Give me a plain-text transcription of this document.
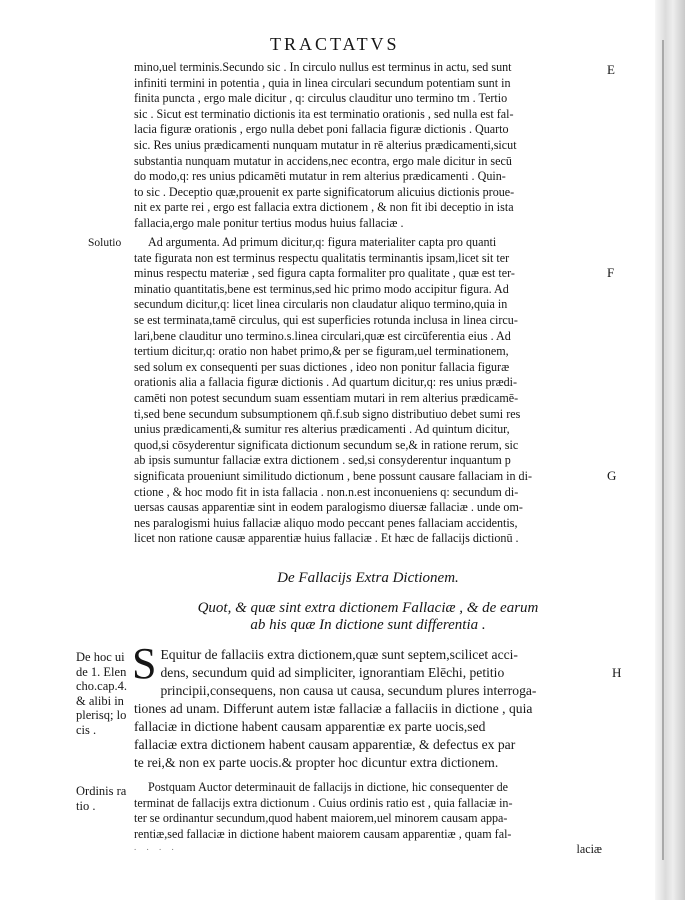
TRACTATVS
mino,uel terminis.Secundo sic . In circulo nullus est terminus in actu, sed sunt
infiniti termini in potentia , quia in linea circulari secundum potentiam sunt in
finita puncta , ergo male dicitur , q: circulus clauditur uno termino tm . Tertio
sic . Sicut est terminatio dictionis ita est terminatio orationis , sed nulla est fal-
lacia figuræ orationis , ergo nulla debet poni fallacia figuræ dictionis . Quarto
sic. Res unius prædicamenti nunquam mutatur in rē alterius prædicamenti,sicut
substantia nunquam mutatur in accidens,nec econtra, ergo male dicitur in secū
do modo,q: res unius pdicamēti mutatur in rem alterius prædicamenti . Quin-
to sic . Deceptio quæ,prouenit ex parte significatorum alicuius dictionis proue-
nit ex parte rei , ergo est fallacia extra dictionem , & non fit ibi deceptio in ista
fallacia,ergo male ponitur tertius modus huius fallaciæ .
Ad argumenta. Ad primum dicitur,q: figura materialiter capta pro quanti
tate figurata non est terminus respectu qualitatis terminantis ipsam,licet sit ter
minus respectu materiæ , sed figura capta formaliter pro qualitate , quæ est ter-
minatio quantitatis,bene est terminus,sed hic primo modo accipitur figura. Ad
secundum dicitur,q: licet linea circularis non claudatur aliquo termino,quia in
se est terminata,tamē circulus, qui est superficies rotunda inclusa in linea circu-
lari,bene clauditur uno termino.s.linea circulari,quæ est circūferentia eius . Ad
tertium dicitur,q: oratio non habet primo,& per se figuram,uel terminationem,
sed solum ex consequenti per suas dictiones , ideo non ponitur fallacia figuræ
orationis alia a fallacia figuræ dictionis . Ad quartum dicitur,q: res unius prædi-
camēti non potest secundum suam essentiam mutari in rem alterius prædicamē-
ti,sed bene secundum subsumptionem qñ.f.sub signo distributiuo debet sumi res
unius prædicamenti,& sumitur res alterius prædicamenti . Ad quintum dicitur,
quod,si cōsyderentur significata dictionum secundum se,& in ratione rerum, sic
ab ipsis sumuntur fallaciæ extra dictionem . sed,si consyderentur inquantum p
significata proueniunt similitudo dictionum , bene possunt causare fallaciam in di-
ctione , & hoc modo fit in ista fallacia . non.n.est inconueniens q: secundum di-
uersas causas apparentiæ sint in eodem paralogismo diuersæ fallaciæ . unde om-
nes paralogismi huius fallaciæ aliquo modo peccant penes fallaciam accidentis,
licet non ratione causæ apparentiæ huius fallaciæ . Et hæc de fallacijs dictionū .
De Fallacijs Extra Dictionem.
Quot, & quæ sint extra dictionem Fallaciæ , & de earum
ab his quæ In dictione sunt differentia .
S Equitur de fallaciis extra dictionem,quæ sunt septem,scilicet acci-
dens, secundum quid ad simpliciter, ignorantiam Elēchi, petitio
principii,consequens, non causa ut causa, secundum plures interroga-
tiones ad unam. Differunt autem istæ fallaciæ a fallaciis in dictione , quia
fallaciæ in dictione habent causam apparentiæ ex parte uocis,sed
fallaciæ extra dictionem habent causam apparentiæ, & defectus ex par
te rei,& non ex parte uocis.& propter hoc dicuntur extra dictionem.
Postquam Auctor determinauit de fallacijs in dictione, hic consequenter de
terminat de fallacijs extra dictionum . Cuius ordinis ratio est , quia fallaciæ in-
ter se ordinantur secundum,quod habent maiorem,uel minorem causam appa-
rentiæ,sed fallaciæ in dictione habent maiorem causam apparentiæ , quam fal-
laciæ
Solutio
De hoc ui
de 1. Elen
cho.cap.4.
& alibi in
plerisq; lo
cis .
Ordinis ra
tio .
E
F
G
H
. . . .
